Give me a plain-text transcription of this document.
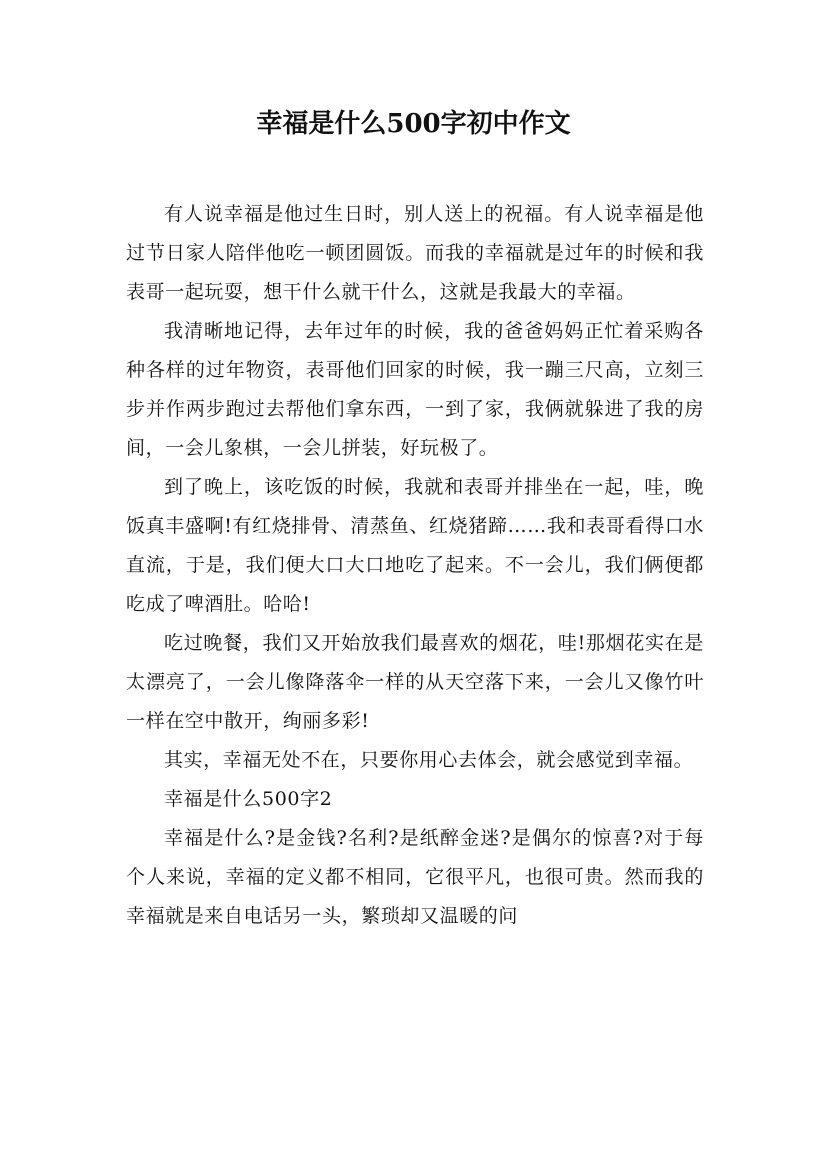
幸福是什么500字初中作文

有人说幸福是他过生日时，别人送上的祝福。有人说幸福是他过节日家人陪伴他吃一顿团圆饭。而我的幸福就是过年的时候和我表哥一起玩耍，想干什么就干什么，这就是我最大的幸福。

我清晰地记得，去年过年的时候，我的爸爸妈妈正忙着采购各种各样的过年物资，表哥他们回家的时候，我一蹦三尺高，立刻三步并作两步跑过去帮他们拿东西，一到了家，我俩就躲进了我的房间，一会儿象棋，一会儿拼装，好玩极了。

到了晚上，该吃饭的时候，我就和表哥并排坐在一起，哇，晚饭真丰盛啊!有红烧排骨、清蒸鱼、红烧猪蹄……我和表哥看得口水直流，于是，我们便大口大口地吃了起来。不一会儿，我们俩便都吃成了啤酒肚。哈哈!

吃过晚餐，我们又开始放我们最喜欢的烟花，哇!那烟花实在是太漂亮了，一会儿像降落伞一样的从天空落下来，一会儿又像竹叶一样在空中散开，绚丽多彩!

其实，幸福无处不在，只要你用心去体会，就会感觉到幸福。

幸福是什么500字2

幸福是什么?是金钱?名利?是纸醉金迷?是偶尔的惊喜?对于每个人来说，幸福的定义都不相同，它很平凡，也很可贵。然而我的幸福就是来自电话另一头，繁琐却又温暖的问
